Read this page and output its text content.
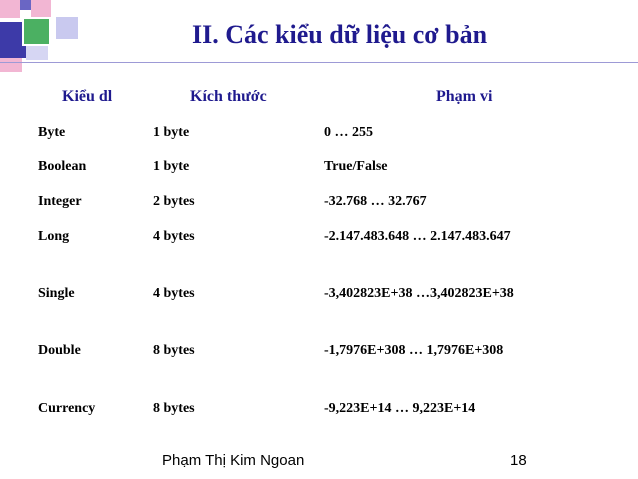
II. Các kiểu dữ liệu cơ bản
Kiểu dl	Kích thước	Phạm vi
Byte	1 byte	0 … 255
Boolean	1 byte	True/False
Integer	2 bytes	-32.768 … 32.767
Long	4 bytes	-2.147.483.648 … 2.147.483.647
Single	4 bytes	-3,402823E+38 …3,402823E+38
Double	8 bytes	-1,7976E+308 … 1,7976E+308
Currency	8 bytes	-9,223E+14 … 9,223E+14
Phạm Thị Kim Ngoan	18
